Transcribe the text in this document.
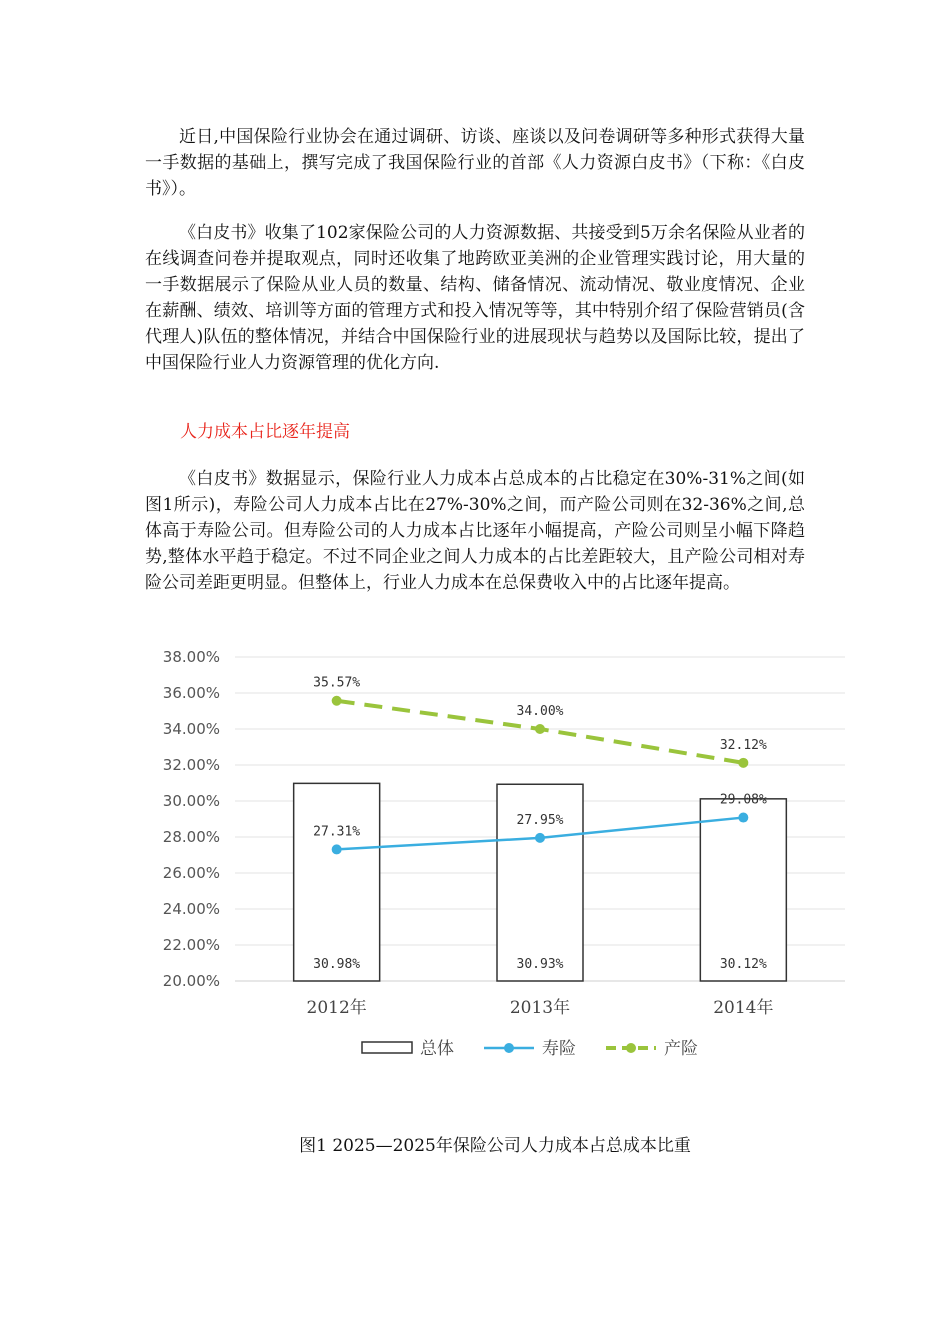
近日,中国保险行业协会在通过调研、访谈、座谈以及问卷调研等多种形式获得大量一手数据的基础上，撰写完成了我国保险行业的首部《人力资源白皮书》（下称：《白皮书》）。

《白皮书》收集了102家保险公司的人力资源数据、共接受到5万余名保险从业者的在线调查问卷并提取观点，同时还收集了地跨欧亚美洲的企业管理实践讨论，用大量的一手数据展示了保险从业人员的数量、结构、储备情况、流动情况、敬业度情况、企业在薪酬、绩效、培训等方面的管理方式和投入情况等等，其中特别介绍了保险营销员(含代理人)队伍的整体情况，并结合中国保险行业的进展现状与趋势以及国际比较，提出了中国保险行业人力资源管理的优化方向.

人力成本占比逐年提高

《白皮书》数据显示，保险行业人力成本占总成本的占比稳定在30%-31%之间(如图1所示)，寿险公司人力成本占比在27%-30%之间，而产险公司则在32-36%之间,总体高于寿险公司。但寿险公司的人力成本占比逐年小幅提高，产险公司则呈小幅下降趋势,整体水平趋于稳定。不过不同企业之间人力成本的占比差距较大，且产险公司相对寿险公司差距更明显。但整体上，行业人力成本在总保费收入中的占比逐年提高。

20.00%
22.00%
24.00%
26.00%
28.00%
30.00%
32.00%
34.00%
36.00%
38.00%
27.31%
27.95%
29.08%
35.57%
34.00%
32.12%
30.98%	30.93%	30.12%
2012年	2013年	2014年
总体	寿险	产险

图1 2025—2025年保险公司人力成本占总成本比重
